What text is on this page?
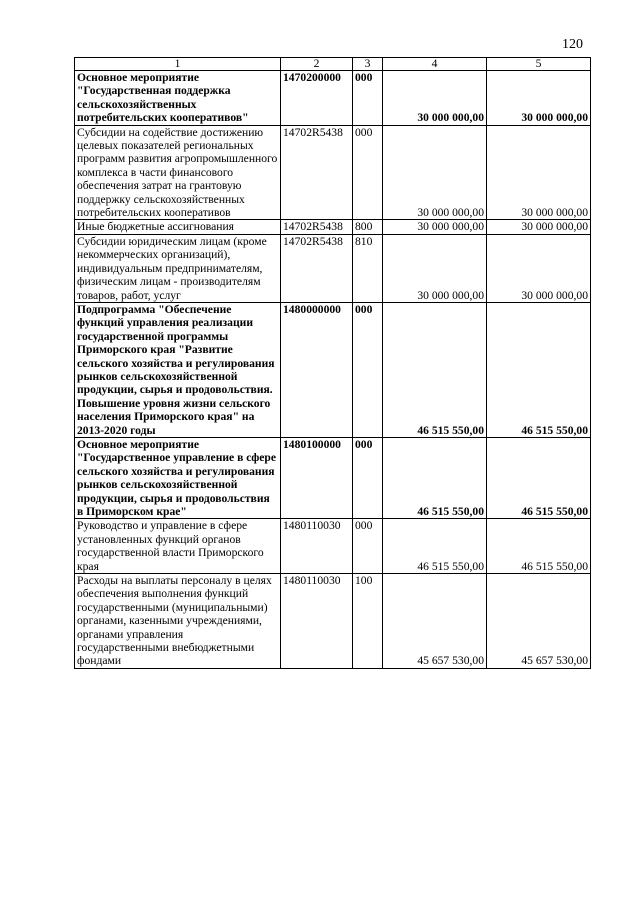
120
1	2	3	4	5
Основное мероприятие "Государственная поддержка сельскохозяйственных потребительских кооперативов"	1470200000	000	30 000 000,00	30 000 000,00
Субсидии на содействие достижению целевых показателей региональных программ развития агропромышленного комплекса в части финансового обеспечения затрат на грантовую поддержку сельскохозяйственных потребительских кооперативов	14702R5438	000	30 000 000,00	30 000 000,00
Иные бюджетные ассигнования	14702R5438	800	30 000 000,00	30 000 000,00
Субсидии юридическим лицам (кроме некоммерческих организаций), индивидуальным предпринимателям, физическим лицам - производителям товаров, работ, услуг	14702R5438	810	30 000 000,00	30 000 000,00
Подпрограмма "Обеспечение функций управления реализации государственной программы Приморского края "Развитие сельского хозяйства и регулирования рынков сельскохозяйственной продукции, сырья и продовольствия. Повышение уровня жизни сельского населения Приморского края" на 2013-2020 годы	1480000000	000	46 515 550,00	46 515 550,00
Основное мероприятие "Государственное управление в сфере сельского хозяйства и регулирования рынков сельскохозяйственной продукции, сырья и продовольствия в Приморском крае"	1480100000	000	46 515 550,00	46 515 550,00
Руководство и управление в сфере установленных функций органов государственной власти Приморского края	1480110030	000	46 515 550,00	46 515 550,00
Расходы на выплаты персоналу в целях обеспечения выполнения функций государственными (муниципальными) органами, казенными учреждениями, органами управления государственными внебюджетными фондами	1480110030	100	45 657 530,00	45 657 530,00
